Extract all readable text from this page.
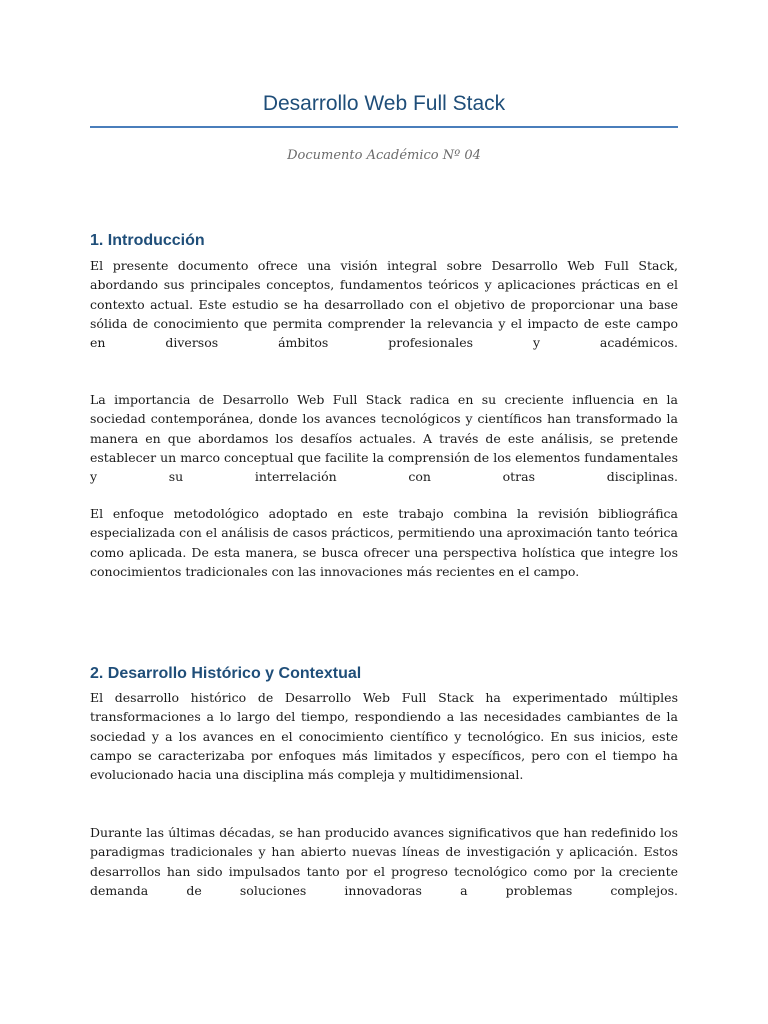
Desarrollo Web Full Stack
Documento Académico Nº 04
1. Introducción

El presente documento ofrece una visión integral sobre Desarrollo Web Full Stack, abordando sus principales conceptos, fundamentos teóricos y aplicaciones prácticas en el contexto actual. Este estudio se ha desarrollado con el objetivo de proporcionar una base sólida de conocimiento que permita comprender la relevancia y el impacto de este campo en diversos ámbitos profesionales y académicos.

La importancia de Desarrollo Web Full Stack radica en su creciente influencia en la sociedad contemporánea, donde los avances tecnológicos y científicos han transformado la manera en que abordamos los desafíos actuales. A través de este análisis, se pretende establecer un marco conceptual que facilite la comprensión de los elementos fundamentales y su interrelación con otras disciplinas.

El enfoque metodológico adoptado en este trabajo combina la revisión bibliográfica especializada con el análisis de casos prácticos, permitiendo una aproximación tanto teórica como aplicada. De esta manera, se busca ofrecer una perspectiva holística que integre los conocimientos tradicionales con las innovaciones más recientes en el campo.

2. Desarrollo Histórico y Contextual

El desarrollo histórico de Desarrollo Web Full Stack ha experimentado múltiples transformaciones a lo largo del tiempo, respondiendo a las necesidades cambiantes de la sociedad y a los avances en el conocimiento científico y tecnológico. En sus inicios, este campo se caracterizaba por enfoques más limitados y específicos, pero con el tiempo ha evolucionado hacia una disciplina más compleja y multidimensional.

Durante las últimas décadas, se han producido avances significativos que han redefinido los paradigmas tradicionales y han abierto nuevas líneas de investigación y aplicación. Estos desarrollos han sido impulsados tanto por el progreso tecnológico como por la creciente demanda de soluciones innovadoras a problemas complejos.
